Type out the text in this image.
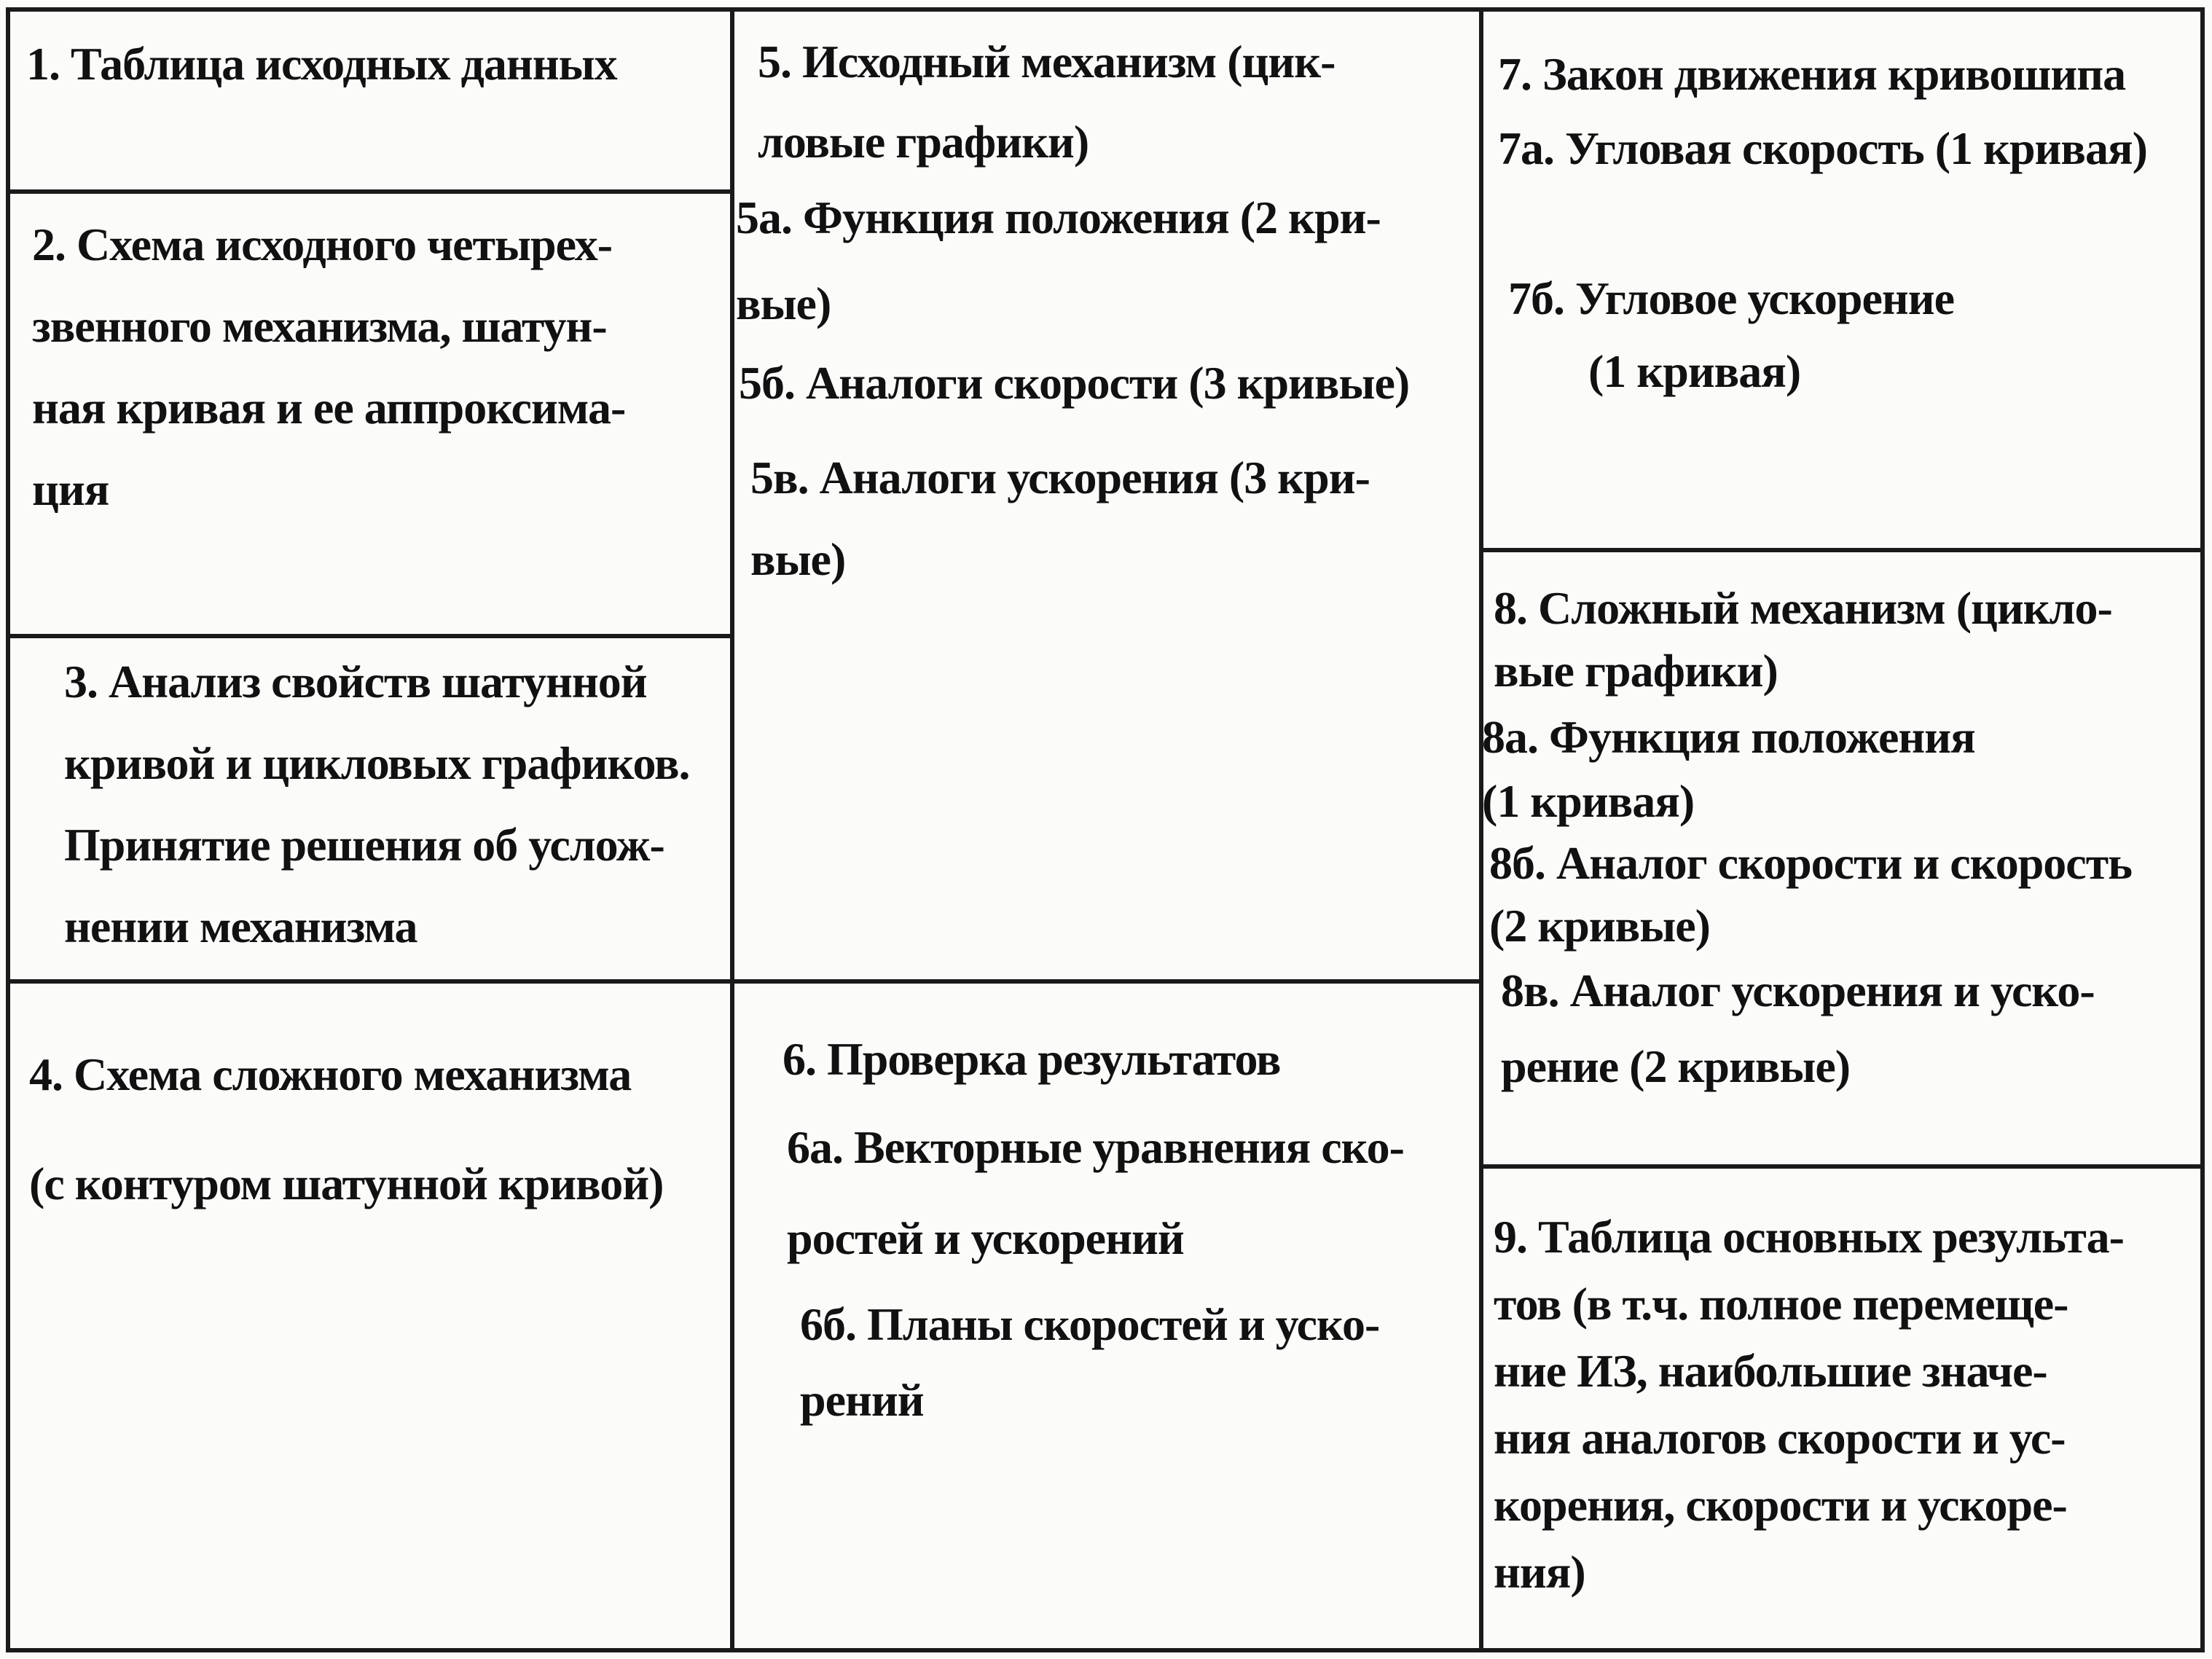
1. Таблица исходных данных

2. Схема исходного четырех-
звенного механизма, шатун-
ная кривая и ее аппроксима-
ция

3. Анализ свойств шатунной
кривой и цикловых графиков.
Принятие решения об услож-
нении механизма

4. Схема сложного механизма
(с контуром шатунной кривой)

5. Исходный механизм (цик-
ловые графики)

5а. Функция положения (2 кри-
вые)

5б. Аналоги скорости (3 кривые)

5в. Аналоги ускорения (3 кри-
вые)

6. Проверка результатов

6а. Векторные уравнения ско-
ростей и ускорений

6б. Планы скоростей и уско-
рений

7. Закон движения кривошипа

7а. Угловая скорость (1 кривая)

7б. Угловое ускорение
(1 кривая)

8. Сложный механизм (цикло-
вые графики)

8а. Функция положения
(1 кривая)

8б. Аналог скорости и скорость
(2 кривые)

8в. Аналог ускорения и уско-
рение (2 кривые)

9. Таблица основных результа-
тов (в т.ч. полное перемеще-
ние ИЗ, наибольшие значе-
ния аналогов скорости и ус-
корения, скорости и ускоре-
ния)
